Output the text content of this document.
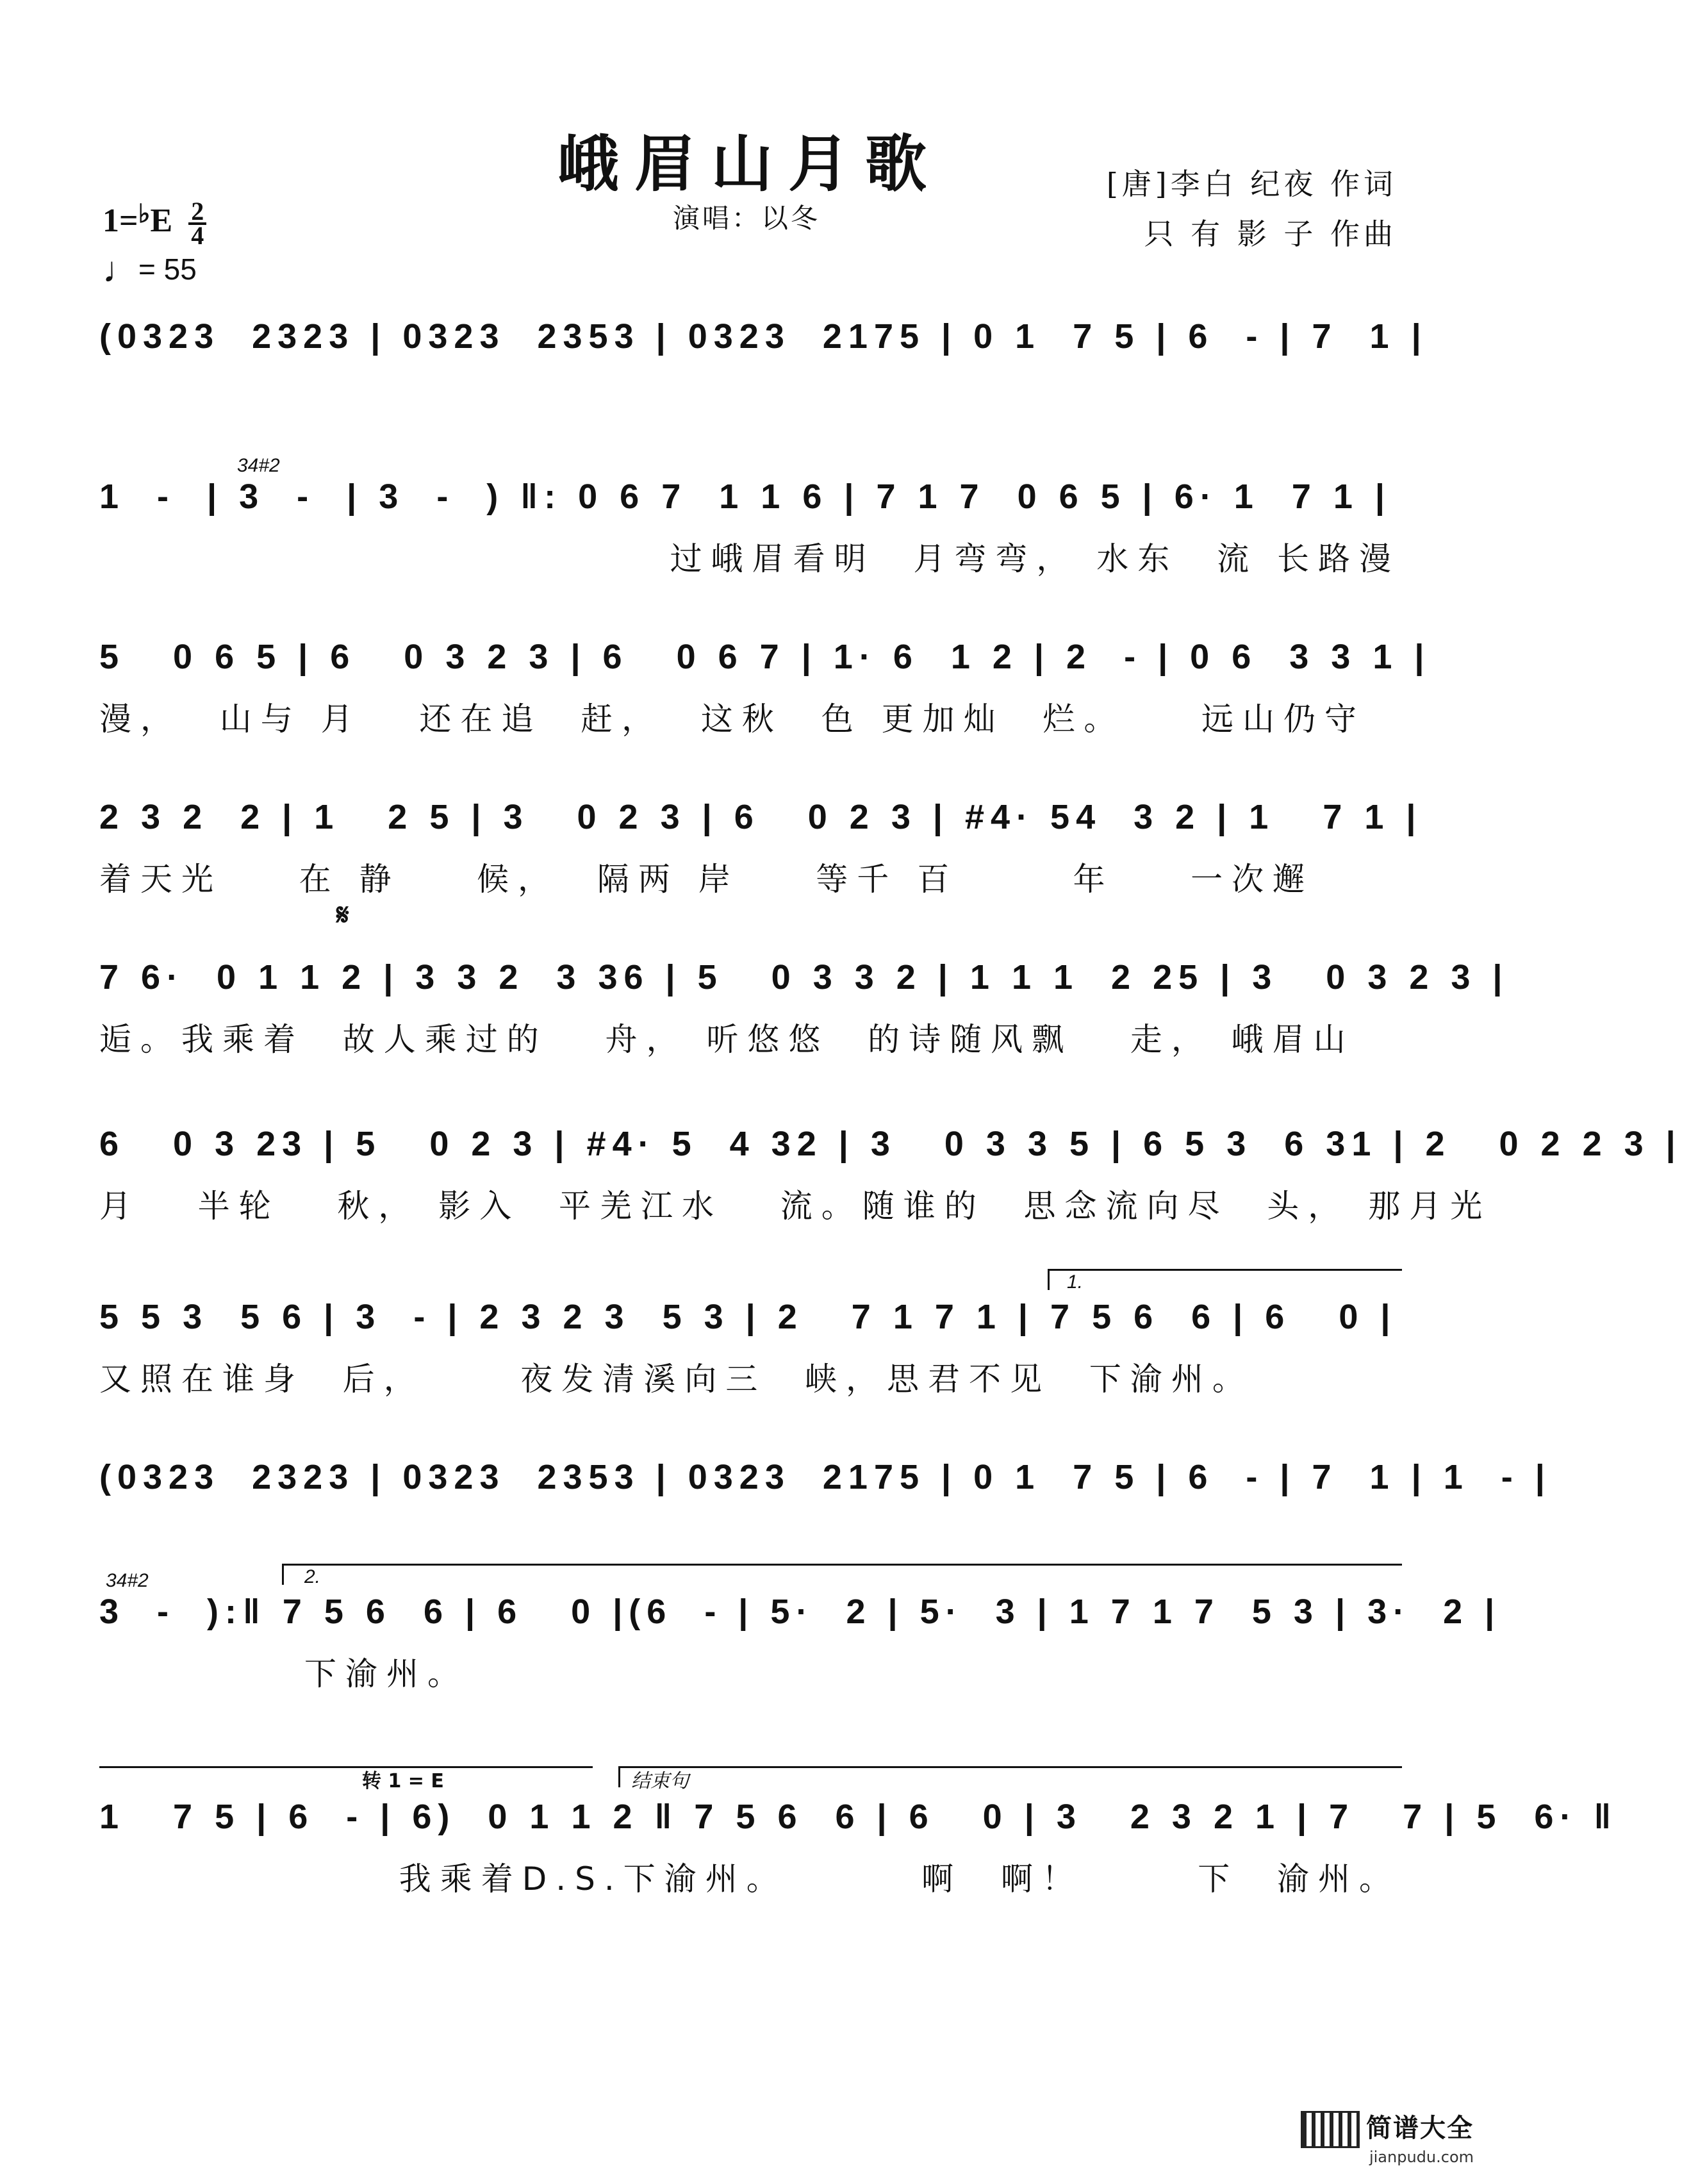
峨眉山月歌	[唐]李白 纪夜 作词
只 有 影 子 作曲
演唱：以冬
$1=^♭E \frac{2}{4}$
♩= 55
(0323  2323 | 0323  2353 | 0323  2175 | 0 1  7 5 | 6  - | 7  1 |
34#2
1  -  | 3  -  | 3  -  ) ‖: 0 6 7  1 1 6 | 7 1 7  0 6 5 | 6· 1  7 1 |
过峨眉看明  月弯弯， 水东  流 长路漫
5   0 6 5 | 6   0 3 2 3 | 6   0 6 7 | 1· 6  1 2 | 2  - | 0 6  3 3 1 |
漫，  山与 月   还在追  赶，  这秋  色 更加灿  烂。    远山仍守
2 3 2  2 | 1   2 5 | 3   0 2 3 | 6   0 2 3 | #4· 54  3 2 | 1   7 1 |
着天光    在 静    候，  隔两 岸    等千 百      年    一次邂
𝄋
7 6·  0 1 1 2 | 3 3 2  3 36 | 5   0 3 3 2 | 1 1 1  2 25 | 3   0 3 2 3 |
逅。我乘着  故人乘过的   舟， 听悠悠  的诗随风飘   走， 峨眉山
6   0 3 23 | 5   0 2 3 | #4· 5  4 32 | 3   0 3 3 5 | 6 5 3  6 31 | 2   0 2 2 3 |
月   半轮   秋， 影入  平羌江水   流。随谁的  思念流向尽  头， 那月光
1.
5 5 3  5 6 | 3  - | 2 3 2 3  5 3 | 2   7 1 7 1 | 7 5 6  6 | 6   0 |
又照在谁身  后，     夜发清溪向三  峡，思君不见  下渝州。
(0323  2323 | 0323  2353 | 0323  2175 | 0 1  7 5 | 6  - | 7  1 | 1  - |
34#2	2.
3  -  ):‖ 7 5 6  6 | 6   0 |(6  - | 5·  2 | 5·  3 | 1 7 1 7  5 3 | 3·  2 |
下渝州。
转 1 = E	结束句
1   7 5 | 6  - | 6)  0 1 1 2 ‖ 7 5 6  6 | 6   0 | 3   2 3 2 1 | 7   7 | 5  6· ‖
我乘着D.S.下渝州。       啊  啊！      下  渝州。
简谱大全
jianpudu.com
